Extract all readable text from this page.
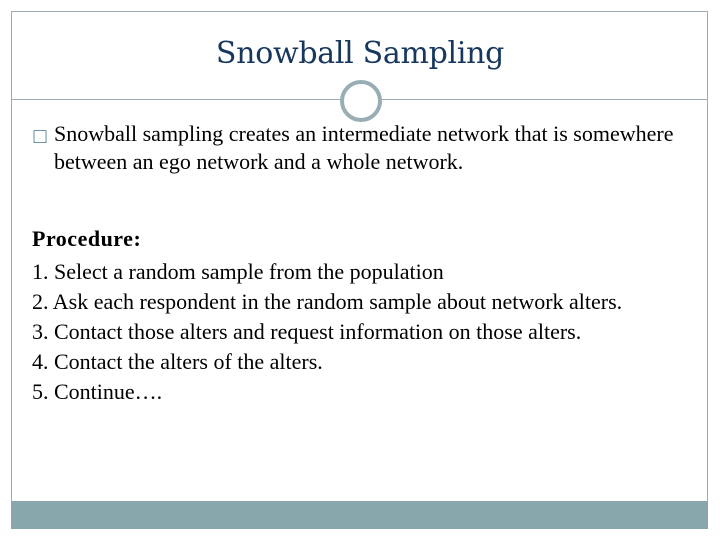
Snowball Sampling
□ Snowball sampling creates an intermediate network that is somewhere between an ego network and a whole network.
Procedure:
1. Select a random sample from the population
2. Ask each respondent in the random sample about network alters.
3. Contact those alters and request information on those alters.
4. Contact the alters of the alters.
5. Continue….
